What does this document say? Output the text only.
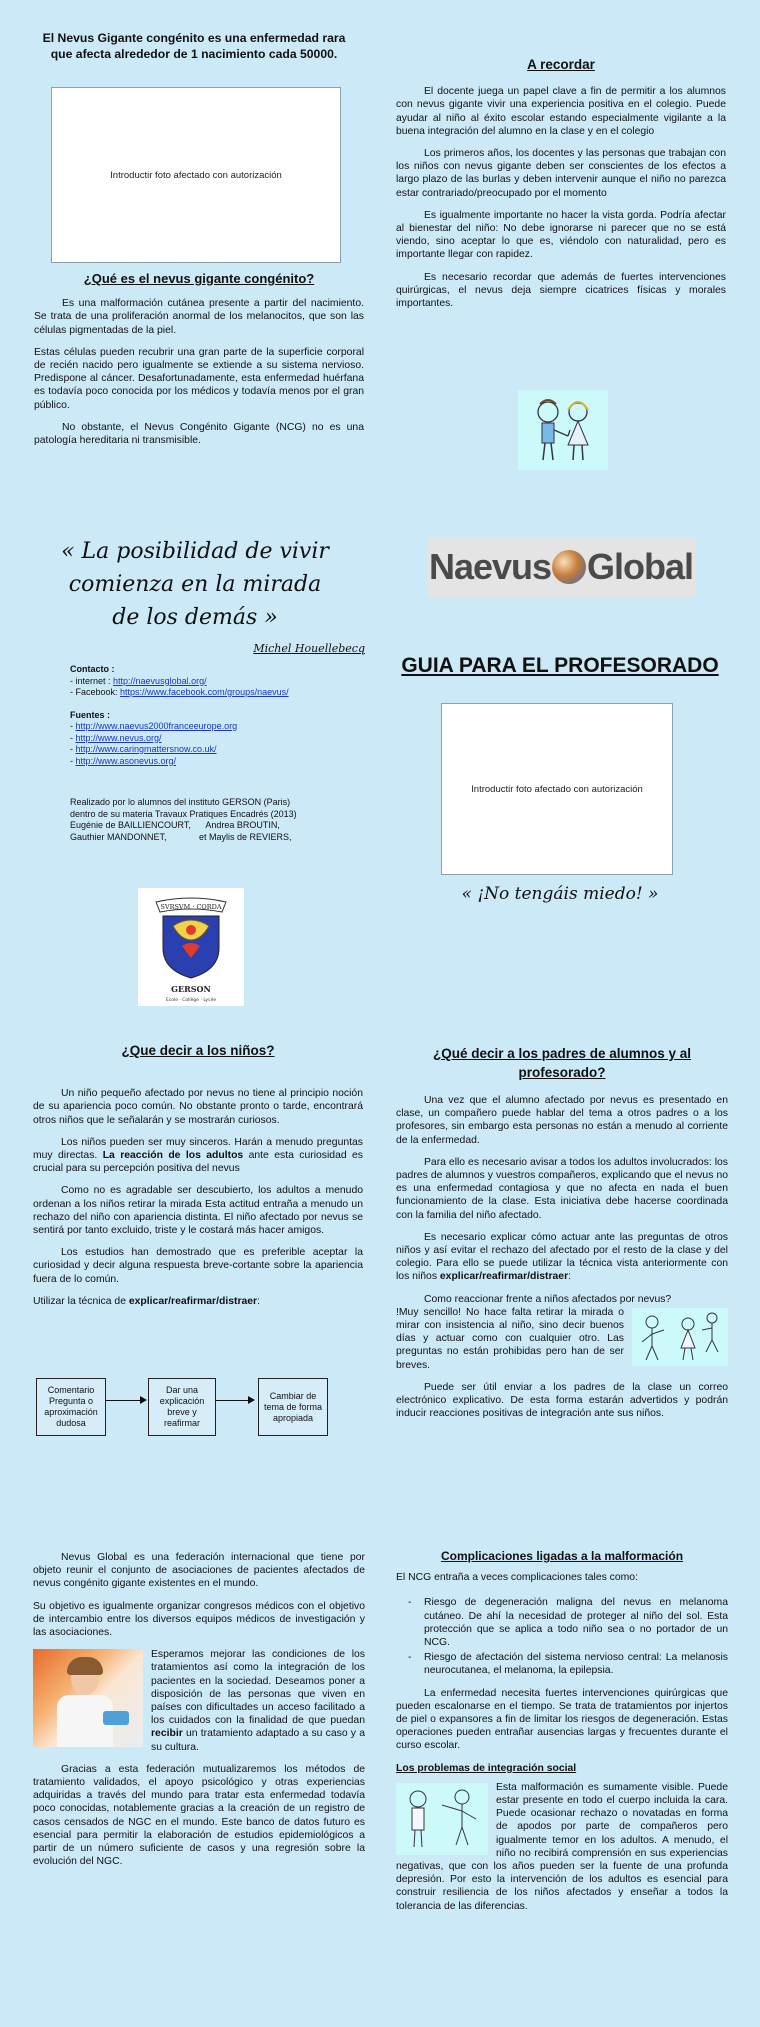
El Nevus Gigante congénito es una enfermedad rara que afecta alrededor de 1 nacimiento cada 50000.
Introductir foto afectado con autorización
¿Qué es el nevus gigante congénito?

Es una malformación cutánea presente a partir del nacimiento. Se trata de una proliferación anormal de los melanocitos, que son las células pigmentadas de la piel.

Estas células pueden recubrir una gran parte de la superficie corporal de recién nacido pero igualmente se extiende a su sistema nervioso. Predispone al cáncer. Desafortunadamente, esta enfermedad huérfana es todavía poco conocida por los médicos y todavía menos por el gran público.

No obstante, el Nevus Congénito Gigante (NCG) no es una patología hereditaria ni transmisible.

A recordar

El docente juega un papel clave a fin de permitir a los alumnos con nevus gigante vivir una experiencia positiva en el colegio. Puede ayudar al niño al éxito escolar estando especialmente vigilante a la buena integración del alumno en la clase y en el colegio

Los primeros años, los docentes y las personas que trabajan con los niños con nevus gigante deben ser conscientes de los efectos a largo plazo de las burlas y deben intervenir aunque el niño no parezca estar contrariado/preocupado por el momento

Es igualmente importante no hacer la vista gorda. Podría afectar al bienestar del niño: No debe ignorarse ni parecer que no se está viendo, sino aceptar lo que es, viéndolo con naturalidad, pero es importante llegar con rapidez.

Es necesario recordar que además de fuertes intervenciones quirúrgicas, el nevus deja siempre cicatrices físicas y morales importantes.

« La posibilidad de vivir
comienza en la mirada
de los demás »
Michel Houellebecq
Contacto :
- internet : http://naevusglobal.org/
- Facebook: https://www.facebook.com/groups/naevus/
Fuentes :
- http://www.naevus2000franceeurope.org
- http://www.nevus.org/
- http://www.caringmattersnow.co.uk/
- http://www.asonevus.org/
Realizado por lo alumnos del instituto GERSON (Paris)
dentro de su materia Travaux Pratiques Encadrés (2013)
Eugénie de BAILLIENCOURT,      Andrea BROUTIN,
Gauthier MANDONNET,             et Maylis de REVIERS,
SVRSVM · CORDA
GERSON
Ecole · Collège · Lycée
Naevus Global
GUIA PARA EL PROFESORADO
Introductir foto afectado con autorización
« ¡No tengáis miedo! »
¿Que decir a los niños?

Un niño pequeño afectado por nevus no tiene al principio noción de su apariencia poco común. No obstante pronto o tarde, encontrará otros niños que le señalarán y se mostrarán curiosos.

Los niños pueden ser muy sinceros. Harán a menudo preguntas muy directas. La reacción de los adultos ante esta curiosidad es crucial para su percepción positiva del nevus

Como no es agradable ser descubierto, los adultos a menudo ordenan a los niños retirar la mirada Esta actitud entraña a menudo un rechazo del niño con apariencia distinta. El niño afectado por nevus se sentirá por tanto excluido, triste y le costará más hacer amigos.

Los estudios han demostrado que es preferible aceptar la curiosidad y decir alguna respuesta breve-cortante sobre la apariencia fuera de lo común.

Utilizar la técnica de explicar/reafirmar/distraer:

Comentario Pregunta o aproximación dudosa
Dar una explicación breve y reafirmar
Cambiar de tema de forma apropiada
¿Qué decir a los padres de alumnos y al profesorado?

Una vez que el alumno afectado por nevus es presentado en clase, un compañero puede hablar del tema a otros padres o a los profesores, sin embargo esta personas no están a menudo al corriente de la enfermedad.

Para ello es necesario avisar a todos los adultos involucrados: los padres de alumnos y vuestros compañeros, explicando que el nevus no es una enfermedad contagiosa y que no afecta en nada el buen funcionamiento de la clase. Esta iniciativa debe hacerse coordinada con la familia del niño afectado.

Es necesario explicar cómo actuar ante las preguntas de otros niños y así evitar el rechazo del afectado por el resto de la clase y del colegio. Para ello se puede utilizar la técnica vista anteriormente con los niños explicar/reafirmar/distraer:

Como reaccionar frente a niños afectados por nevus?

!Muy sencillo! No hace falta retirar la mirada o mirar con insistencia al niño, sino decir buenos días y actuar como con cualquier otro. Las preguntas no están prohibidas pero han de ser breves.

Puede ser útil enviar a los padres de la clase un correo electrónico explicativo. De esta forma estarán advertidos y podrán inducir reacciones positivas de integración ante sus niños.

Nevus Global es una federación internacional que tiene por objeto reunir el conjunto de asociaciones de pacientes afectados de nevus congénito gigante existentes en el mundo.

Su objetivo es igualmente organizar congresos médicos con el objetivo de intercambio entre los diversos equipos médicos de investigación y las asociaciones.

Esperamos mejorar las condiciones de los tratamientos así como la integración de los pacientes en la sociedad. Deseamos poner a disposición de las personas que viven en países con dificultades un acceso facilitado a los cuidados con la finalidad de que puedan recibir un tratamiento adaptado a su caso y a su cultura.

Gracias a esta federación mutualizaremos los métodos de tratamiento validados, el apoyo psicológico y otras experiencias adquiridas a través del mundo para tratar esta enfermedad todavía poco conocidas, notablemente gracias a la creación de un registro de casos censados de NGC en el mundo. Este banco de datos futuro es esencial para permitir la elaboración de estudios epidemiológicos a partir de un número suficiente de casos y una regresión sobre la evolución del NGC.

Complicaciones ligadas a la malformación

El NCG entraña a veces complicaciones tales como:

- Riesgo de degeneración maligna del nevus en melanoma cutáneo. De ahí la necesidad de proteger al niño del sol. Esta protección que se aplica a todo niño sea o no portador de un NCG.
- Riesgo de afectación del sistema nervioso central: La melanosis neurocutanea, el melanoma, la epilepsia.

La enfermedad necesita fuertes intervenciones quirúrgicas que pueden escalonarse en el tiempo. Se trata de tratamientos por injertos de piel o expansores a fin de limitar los riesgos de degeneración. Estas operaciones pueden entrañar ausencias largas y frecuentes durante el curso escolar.

Los problemas de integración social

Esta malformación es sumamente visible. Puede estar presente en todo el cuerpo incluida la cara. Puede ocasionar rechazo o novatadas en forma de apodos por parte de compañeros pero igualmente temor en los adultos. A menudo, el niño no recibirá comprensión en sus experiencias negativas, que con los años pueden ser la fuente de una profunda depresión. Por esto la intervención de los adultos es esencial para construir resiliencia de los niños afectados y enseñar a todos la tolerancia de las diferencias.
